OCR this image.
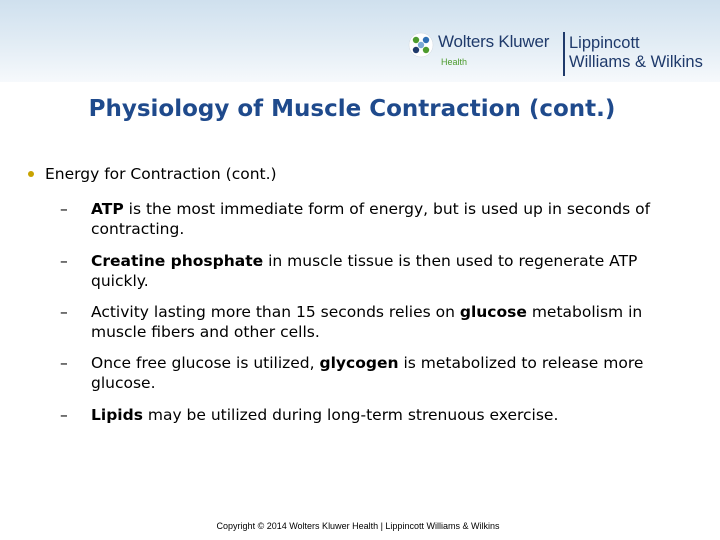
Wolters Kluwer
Health
Lippincott
Williams & Wilkins
Physiology of Muscle Contraction (cont.)
Energy for Contraction (cont.)
– ATP is the most immediate form of energy, but is used up in seconds of contracting.
– Creatine phosphate in muscle tissue is then used to regenerate ATP quickly.
– Activity lasting more than 15 seconds relies on glucose metabolism in muscle fibers and other cells.
– Once free glucose is utilized, glycogen is metabolized to release more glucose.
– Lipids may be utilized during long-term strenuous exercise.
Copyright © 2014 Wolters Kluwer Health | Lippincott Williams & Wilkins
